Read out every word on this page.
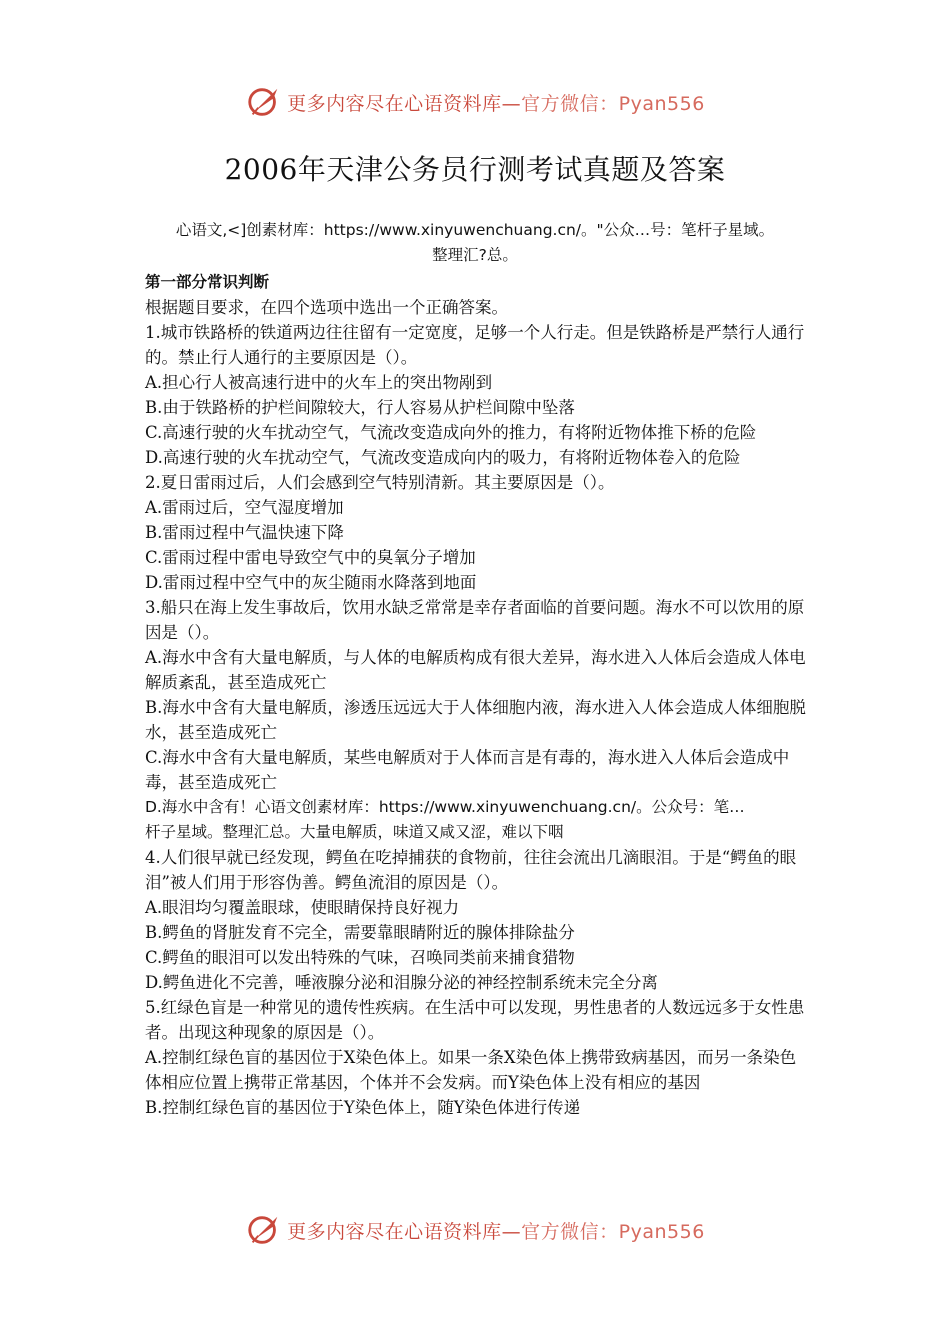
更多内容尽在心语资料库— 官方微信：Pyan556
2006年天津公务员行测考试真题及答案
心语文,<]创素材库：https://www.xinyuwenchuang.cn/。"公众…号：笔杆子星域。
整理汇?总。

第一部分常识判断

根据题目要求，在四个选项中选出一个正确答案。

1.城市铁路桥的铁道两边往往留有一定宽度，足够一个人行走。但是铁路桥是严禁行人通行的。禁止行人通行的主要原因是（）。

A.担心行人被高速行进中的火车上的突出物剐到

B.由于铁路桥的护栏间隙较大，行人容易从护栏间隙中坠落

C.高速行驶的火车扰动空气，气流改变造成向外的推力，有将附近物体推下桥的危险

D.高速行驶的火车扰动空气，气流改变造成向内的吸力，有将附近物体卷入的危险

2.夏日雷雨过后，人们会感到空气特别清新。其主要原因是（）。

A.雷雨过后，空气湿度增加

B.雷雨过程中气温快速下降

C.雷雨过程中雷电导致空气中的臭氧分子增加

D.雷雨过程中空气中的灰尘随雨水降落到地面

3.船只在海上发生事故后，饮用水缺乏常常是幸存者面临的首要问题。海水不可以饮用的原因是（）。

A.海水中含有大量电解质，与人体的电解质构成有很大差异，海水进入人体后会造成人体电解质紊乱，甚至造成死亡

B.海水中含有大量电解质，渗透压远远大于人体细胞内液，海水进入人体会造成人体细胞脱水，甚至造成死亡

C.海水中含有大量电解质，某些电解质对于人体而言是有毒的，海水进入人体后会造成中毒，甚至造成死亡

D.海水中含有！心语文创素材库：https://www.xinyuwenchuang.cn/。公众号：笔…

杆子星域。整理汇总。大量电解质，味道又咸又涩，难以下咽

4.人们很早就已经发现，鳄鱼在吃掉捕获的食物前，往往会流出几滴眼泪。于是“鳄鱼的眼泪”被人们用于形容伪善。鳄鱼流泪的原因是（）。

A.眼泪均匀覆盖眼球，使眼睛保持良好视力

B.鳄鱼的肾脏发育不完全，需要靠眼睛附近的腺体排除盐分

C.鳄鱼的眼泪可以发出特殊的气味，召唤同类前来捕食猎物

D.鳄鱼进化不完善，唾液腺分泌和泪腺分泌的神经控制系统未完全分离

5.红绿色盲是一种常见的遗传性疾病。在生活中可以发现，男性患者的人数远远多于女性患者。出现这种现象的原因是（）。

A.控制红绿色盲的基因位于X染色体上。如果一条X染色体上携带致病基因，而另一条染色体相应位置上携带正常基因，个体并不会发病。而Y染色体上没有相应的基因

B.控制红绿色盲的基因位于Y染色体上，随Y染色体进行传递

更多内容尽在心语资料库— 官方微信：Pyan556
